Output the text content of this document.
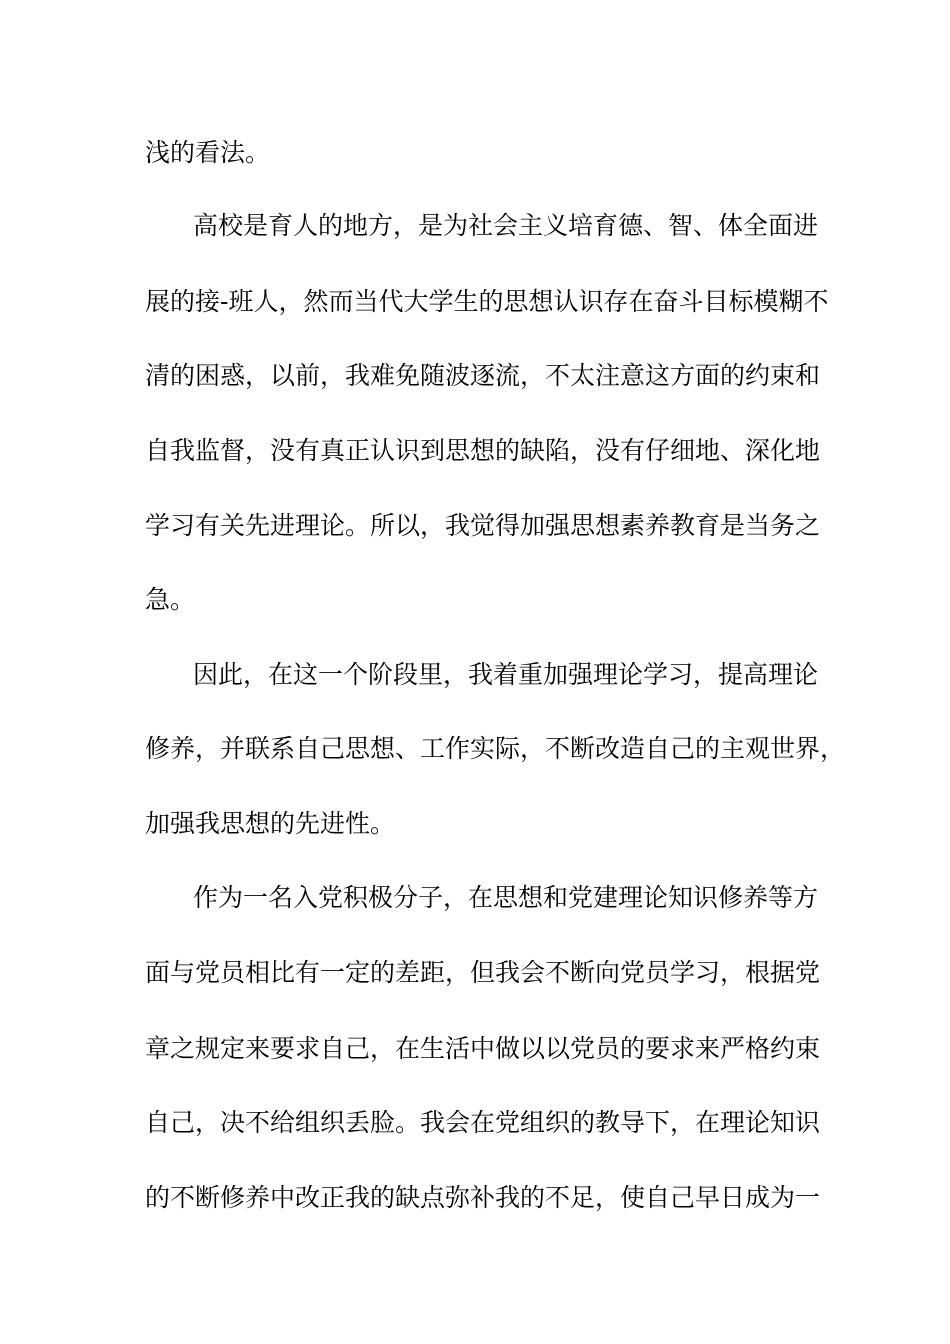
浅的看法。
高校是育人的地方，是为社会主义培育德、智、体全面进
展的接-班人，然而当代大学生的思想认识存在奋斗目标模糊不
清的困惑，以前，我难免随波逐流，不太注意这方面的约束和
自我监督，没有真正认识到思想的缺陷，没有仔细地、深化地
学习有关先进理论。所以，我觉得加强思想素养教育是当务之
急。
因此，在这一个阶段里，我着重加强理论学习，提高理论
修养，并联系自己思想、工作实际，不断改造自己的主观世界，
加强我思想的先进性。
作为一名入党积极分子，在思想和党建理论知识修养等方
面与党员相比有一定的差距，但我会不断向党员学习，根据党
章之规定来要求自己，在生活中做以以党员的要求来严格约束
自己，决不给组织丢脸。我会在党组织的教导下，在理论知识
的不断修养中改正我的缺点弥补我的不足，使自己早日成为一
